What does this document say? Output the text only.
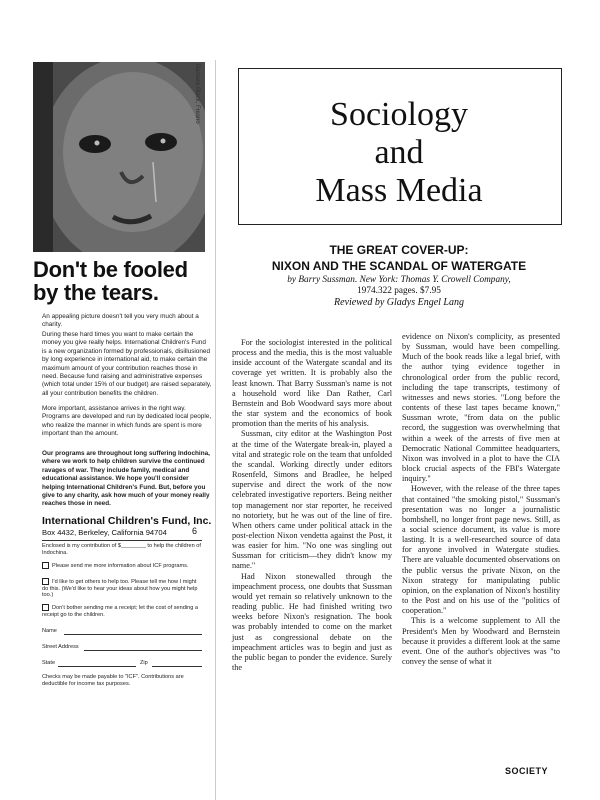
Barbara Black, Fresno
Don't be fooled by the tears.
An appealing picture doesn't tell you very much about a charity.
During these hard times you want to make certain the money you give really helps. International Children's Fund is a new organization formed by professionals, disillusioned by long experience in international aid, to make certain the maximum amount of your contribution reaches those in need. Because fund raising and administrative expenses (which total under 15% of our budget) are raised separately, all your contribution benefits the children.
More important, assistance arrives in the right way. Programs are developed and run by dedicated local people, who realize the manner in which funds are spent is more important than the amount.
Our programs are throughout long suffering Indochina, where we work to help children survive the continued ravages of war. They include family, medical and educational assistance. We hope you'll consider helping International Children's Fund. But, before you give to any charity, ask how much of your money really reaches those in need.
International Children's Fund, Inc.
Box 4432, Berkeley, California 94704	6
Enclosed is my contribution of $________ to help the children of Indochina.
Please send me more information about ICF programs.
I'd like to get others to help too. Please tell me how I might do this. (We'd like to hear your ideas about how you might help too.)
Don't bother sending me a receipt; let the cost of sending a receipt go to the children.
Name
Street Address
State	Zip
Checks may be made payable to "ICF". Contributions are deductible for income tax purposes.
Sociology
and
Mass Media
THE GREAT COVER-UP:
NIXON AND THE SCANDAL OF WATERGATE
by Barry Sussman. New York: Thomas Y. Crowell Company,
1974.322 pages. $7.95
Reviewed by Gladys Engel Lang

For the sociologist interested in the political process and the media, this is the most valuable inside account of the Watergate scandal and its coverage yet written. It is probably also the least known. That Barry Sussman's name is not a household word like Dan Rather, Carl Bernstein and Bob Woodward says more about the star system and the economics of book promotion than the merits of his analysis.

Sussman, city editor at the Washington Post at the time of the Watergate break-in, played a vital and strategic role on the team that unfolded the scandal. Working directly under editors Rosenfeld, Simons and Bradlee, he helped supervise and direct the work of the now celebrated investigative reporters. Being neither top management nor star reporter, he received no notoriety, but he was out of the line of fire. When others came under political attack in the post-election Nixon vendetta against the Post, it was easier for him. "No one was singling out Sussman for criticism—they didn't know my name."

Had Nixon stonewalled through the impeachment process, one doubts that Sussman would yet remain so relatively unknown to the reading public. He had finished writing two weeks before Nixon's resignation. The book was probably intended to come on the market just as congressional debate on the impeachment articles was to begin and just as the public began to ponder the evidence. Surely the

evidence on Nixon's complicity, as presented by Sussman, would have been compelling. Much of the book reads like a legal brief, with the author tying evidence together in chronological order from the public record, including the tape transcripts, testimony of witnesses and news stories. "Long before the contents of these last tapes became known," Sussman wrote, "from data on the public record, the suggestion was overwhelming that within a week of the arrests of five men at Democratic National Committee headquarters, Nixon was involved in a plot to have the CIA block crucial aspects of the FBI's Watergate inquiry."

However, with the release of the three tapes that contained "the smoking pistol," Sussman's presentation was no longer a journalistic bombshell, no longer front page news. Still, as a social science document, its value is more lasting. It is a well-researched source of data for anyone involved in Watergate studies. There are valuable documented observations on the public versus the private Nixon, on the Nixon strategy for manipulating public opinion, on the explanation of Nixon's hostility to the Post and on his use of the "politics of cooperation."

This is a welcome supplement to All the President's Men by Woodward and Bernstein because it provides a different look at the same event. One of the author's objectives was "to convey the sense of what it

SOCIETY
